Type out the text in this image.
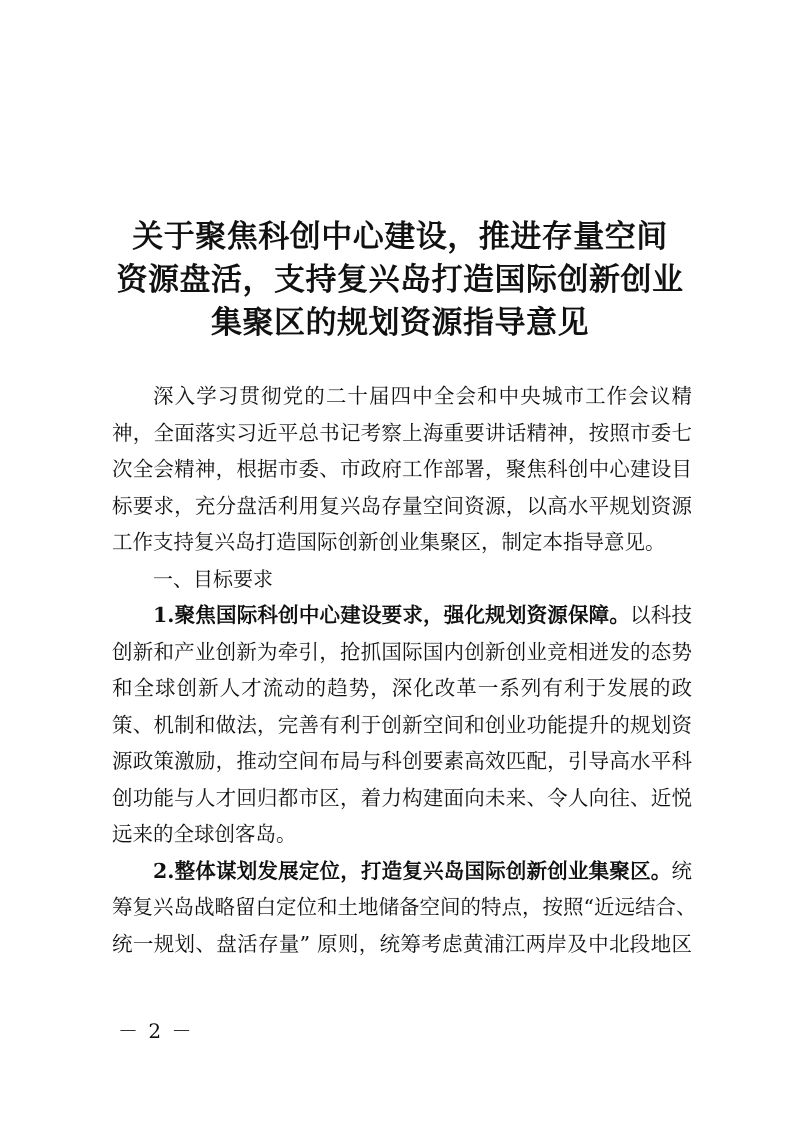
关于聚焦科创中心建设，推进存量空间
资源盘活，支持复兴岛打造国际创新创业
集聚区的规划资源指导意见
深入学习贯彻党的二十届四中全会和中央城市工作会议精
神，全面落实习近平总书记考察上海重要讲话精神，按照市委七
次全会精神，根据市委、市政府工作部署，聚焦科创中心建设目
标要求，充分盘活利用复兴岛存量空间资源，以高水平规划资源
工作支持复兴岛打造国际创新创业集聚区，制定本指导意见。
一、目标要求
1.聚焦国际科创中心建设要求，强化规划资源保障。以科技
创新和产业创新为牵引，抢抓国际国内创新创业竞相迸发的态势
和全球创新人才流动的趋势，深化改革一系列有利于发展的政
策、机制和做法，完善有利于创新空间和创业功能提升的规划资
源政策激励，推动空间布局与科创要素高效匹配，引导高水平科
创功能与人才回归都市区，着力构建面向未来、令人向往、近悦
远来的全球创客岛。
2.整体谋划发展定位，打造复兴岛国际创新创业集聚区。统
筹复兴岛战略留白定位和土地储备空间的特点，按照“近远结合、
统一规划、盘活存量” 原则，统筹考虑黄浦江两岸及中北段地区
－ 2 －
